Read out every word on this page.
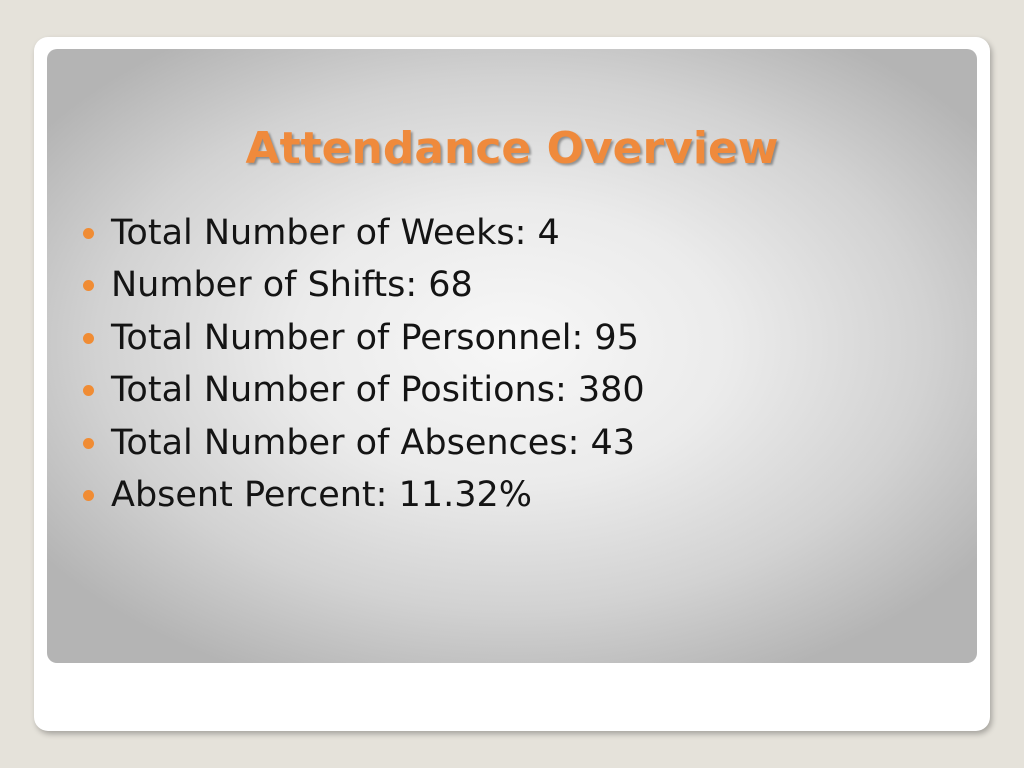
Attendance Overview
Total Number of Weeks: 4
Number of Shifts: 68
Total Number of Personnel: 95
Total Number of Positions: 380
Total Number of Absences: 43
Absent Percent: 11.32%
